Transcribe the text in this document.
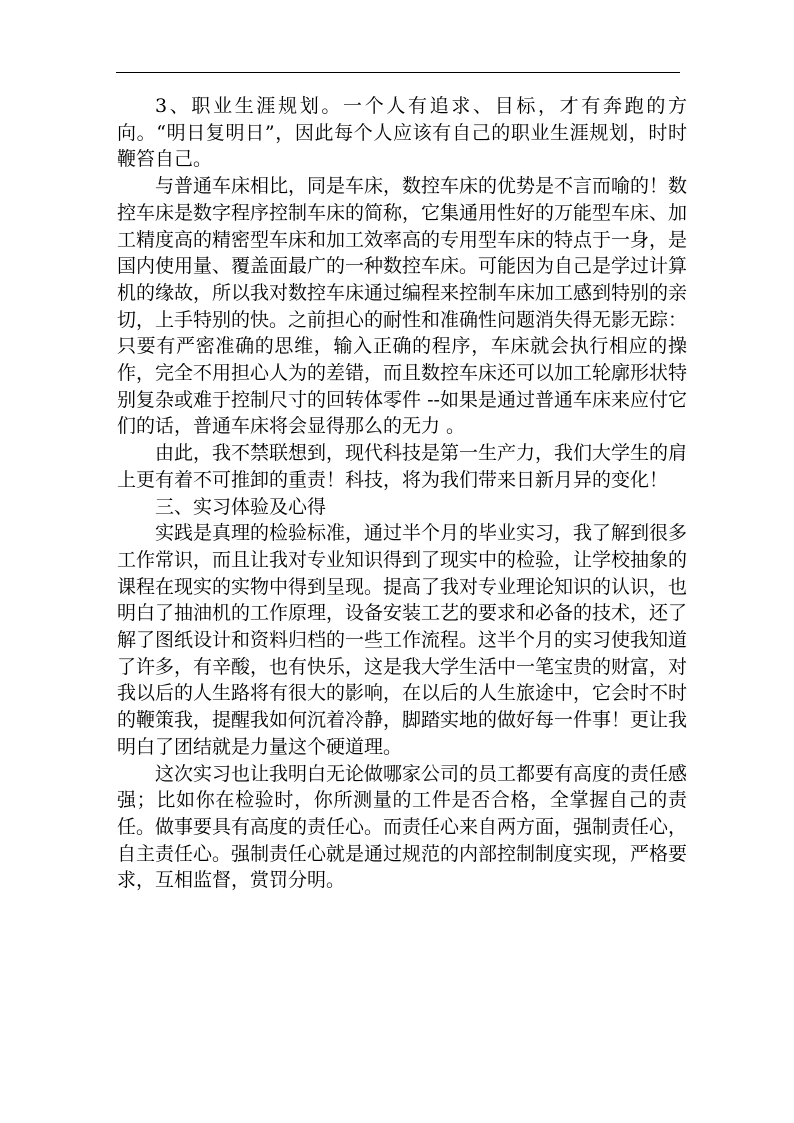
3、职业生涯规划。一个人有追求、目标，才有奔跑的方向。“明日复明日”，因此每个人应该有自己的职业生涯规划，时时鞭笞自己。

与普通车床相比，同是车床，数控车床的优势是不言而喻的！数控车床是数字程序控制车床的简称，它集通用性好的万能型车床、加工精度高的精密型车床和加工效率高的专用型车床的特点于一身，是国内使用量、覆盖面最广的一种数控车床。可能因为自己是学过计算机的缘故，所以我对数控车床通过编程来控制车床加工感到特别的亲切，上手特别的快。之前担心的耐性和准确性问题消失得无影无踪：只要有严密准确的思维，输入正确的程序，车床就会执行相应的操作，完全不用担心人为的差错，而且数控车床还可以加工轮廓形状特别复杂或难于控制尺寸的回转体零件 --如果是通过普通车床来应付它们的话，普通车床将会显得那么的无力 。

由此，我不禁联想到，现代科技是第一生产力，我们大学生的肩上更有着不可推卸的重责！科技，将为我们带来日新月异的变化！

三、实习体验及心得

实践是真理的检验标准，通过半个月的毕业实习，我了解到很多工作常识，而且让我对专业知识得到了现实中的检验，让学校抽象的课程在现实的实物中得到呈现。提高了我对专业理论知识的认识，也明白了抽油机的工作原理，设备安装工艺的要求和必备的技术，还了解了图纸设计和资料归档的一些工作流程。这半个月的实习使我知道了许多，有辛酸，也有快乐，这是我大学生活中一笔宝贵的财富，对我以后的人生路将有很大的影响，在以后的人生旅途中，它会时不时的鞭策我，提醒我如何沉着冷静，脚踏实地的做好每一件事！更让我明白了团结就是力量这个硬道理。

这次实习也让我明白无论做哪家公司的员工都要有高度的责任感强；比如你在检验时，你所测量的工件是否合格，全掌握自己的责任。做事要具有高度的责任心。而责任心来自两方面，强制责任心，自主责任心。强制责任心就是通过规范的内部控制制度实现，严格要求，互相监督，赏罚分明。
